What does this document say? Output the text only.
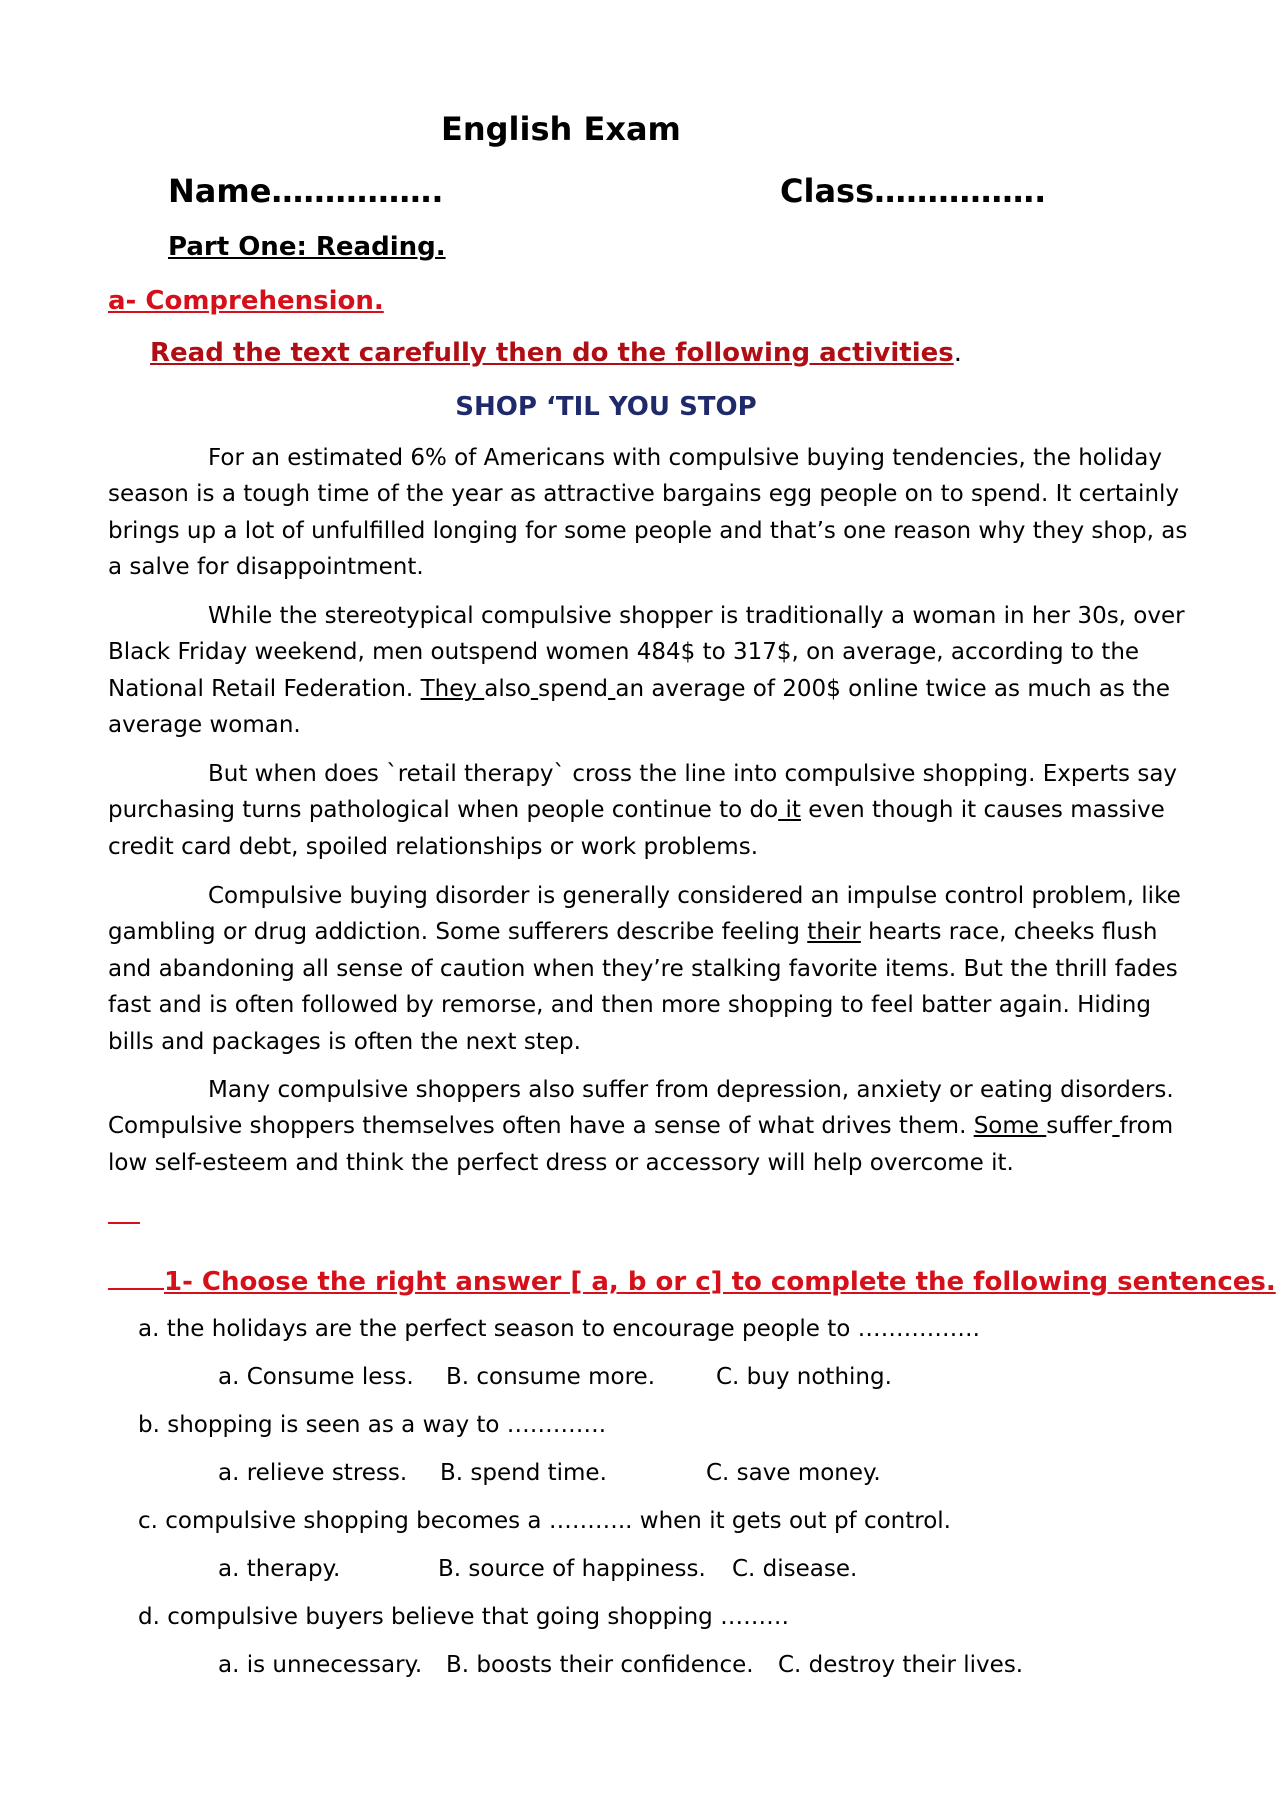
English Exam
Name…………….	Class…………….
Part One: Reading.
a- Comprehension.
Read the text carefully then do the following activities.
SHOP ‘TIL YOU STOP

For an estimated 6% of Americans with compulsive buying tendencies, the holiday season is a tough time of the year as attractive bargains egg people on to spend. It certainly brings up a lot of unfulfilled longing for some people and that’s one reason why they shop, as a salve for disappointment.

While the stereotypical compulsive shopper is traditionally a woman in her 30s, over Black Friday weekend, men outspend women 484$ to 317$, on average, according to the National Retail Federation. They also spend an average of 200$ online twice as much as the average woman.

But when does `retail therapy` cross the line into compulsive shopping. Experts say purchasing turns pathological when people continue to do it even though it causes massive credit card debt, spoiled relationships or work problems.

Compulsive buying disorder is generally considered an impulse control problem, like gambling or drug addiction. Some sufferers describe feeling their hearts race, cheeks flush and abandoning all sense of caution when they’re stalking favorite items. But the thrill fades fast and is often followed by remorse, and then more shopping to feel batter again. Hiding bills and packages is often the next step.

Many compulsive shoppers also suffer from depression, anxiety or eating disorders. Compulsive shoppers themselves often have a sense of what drives them. Some suffer from low self-esteem and think the perfect dress or accessory will help overcome it.

1- Choose the right answer [ a, b or c] to complete the following sentences.
a. the holidays are the perfect season to encourage people to …………….
a. Consume less. B. consume more.	C. buy nothing.
b. shopping is seen as a way to ………….
a. relieve stress. B. spend time.	C. save money.
c. compulsive shopping becomes a ……….. when it gets out pf control.
a. therapy.	B. source of happiness. C. disease.
d. compulsive buyers believe that going shopping ………
a. is unnecessary. B. boosts their confidence. C. destroy their lives.
